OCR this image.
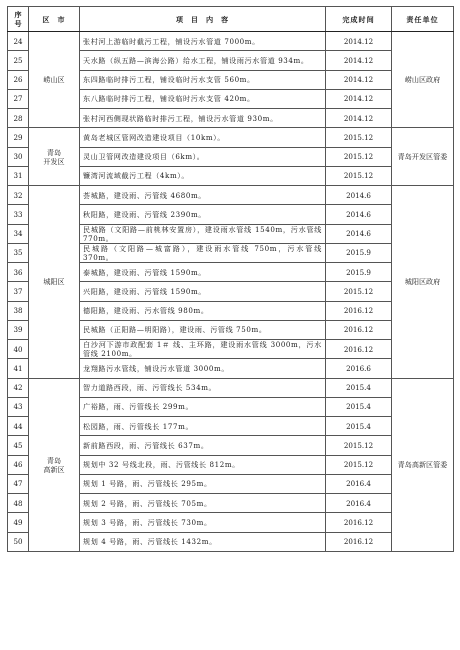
序
号	区  市	项  目  内  容	完成时间	责任单位
24	崂山区	张村河上游临时截污工程，铺设污水管道 7000m。	2014.12	崂山区政府
25		天水路（纵五路—滨海公路）给水工程，铺设雨污水管道 934m。	2014.12	
26		东四路临时排污工程，铺设临时污水支管 560m。	2014.12	
27		东八路临时排污工程，铺设临时污水支管 420m。	2014.12	
28		张村河西侧现状路临时排污工程，铺设污水管道 930m。	2014.12	
29	青岛
开发区	黄岛老城区管网改造建设项目（10km）。	2015.12	青岛开发区管委
30		灵山卫管网改造建设项目（6km）。	2015.12	
31		镰湾河流域截污工程（4km）。	2015.12	
32	城阳区	荟城路，建设雨、污管线 4680m。	2014.6	城阳区政府
33		秋阳路，建设雨、污管线 2390m。	2014.6	
34		民城路（文阳路—前桃林安置房），建设雨水管线 1540m，污水管线 770m。	2014.6	
35		民城路（文阳路—城富路），建设雨水管线 750m，污水管线 370m。	2015.9	
36		泰城路，建设雨、污管线 1590m。	2015.9	
37		兴阳路，建设雨、污管线 1590m。	2015.12	
38		德阳路，建设雨、污水管线 980m。	2016.12	
39		民城路（正阳路—明阳路），建设雨、污管线 750m。	2016.12	
40		白沙河下游市政配套 1＃ 线、主环路，建设雨水管线 3000m，污水管线 2100m。	2016.12	
41		龙翔路污水管线，铺设污水管道 3000m。	2016.6	
42	青岛
高新区	智力道路西段，雨、污管线长 534m。	2015.4	青岛高新区管委
43		广裕路，雨、污管线长 299m。	2015.4	
44		松园路，雨、污管线长 177m。	2015.4	
45		新前路西段，雨、污管线长 637m。	2015.12	
46		规划中 32 号线北段，雨、污管线长 812m。	2015.12	
47		规划 1 号路，雨、污管线长 295m。	2016.4	
48		规划 2 号路，雨、污管线长 705m。	2016.4	
49		规划 3 号路，雨、污管线长 730m。	2016.12	
50		规划 4 号路，雨、污管线长 1432m。	2016.12	
